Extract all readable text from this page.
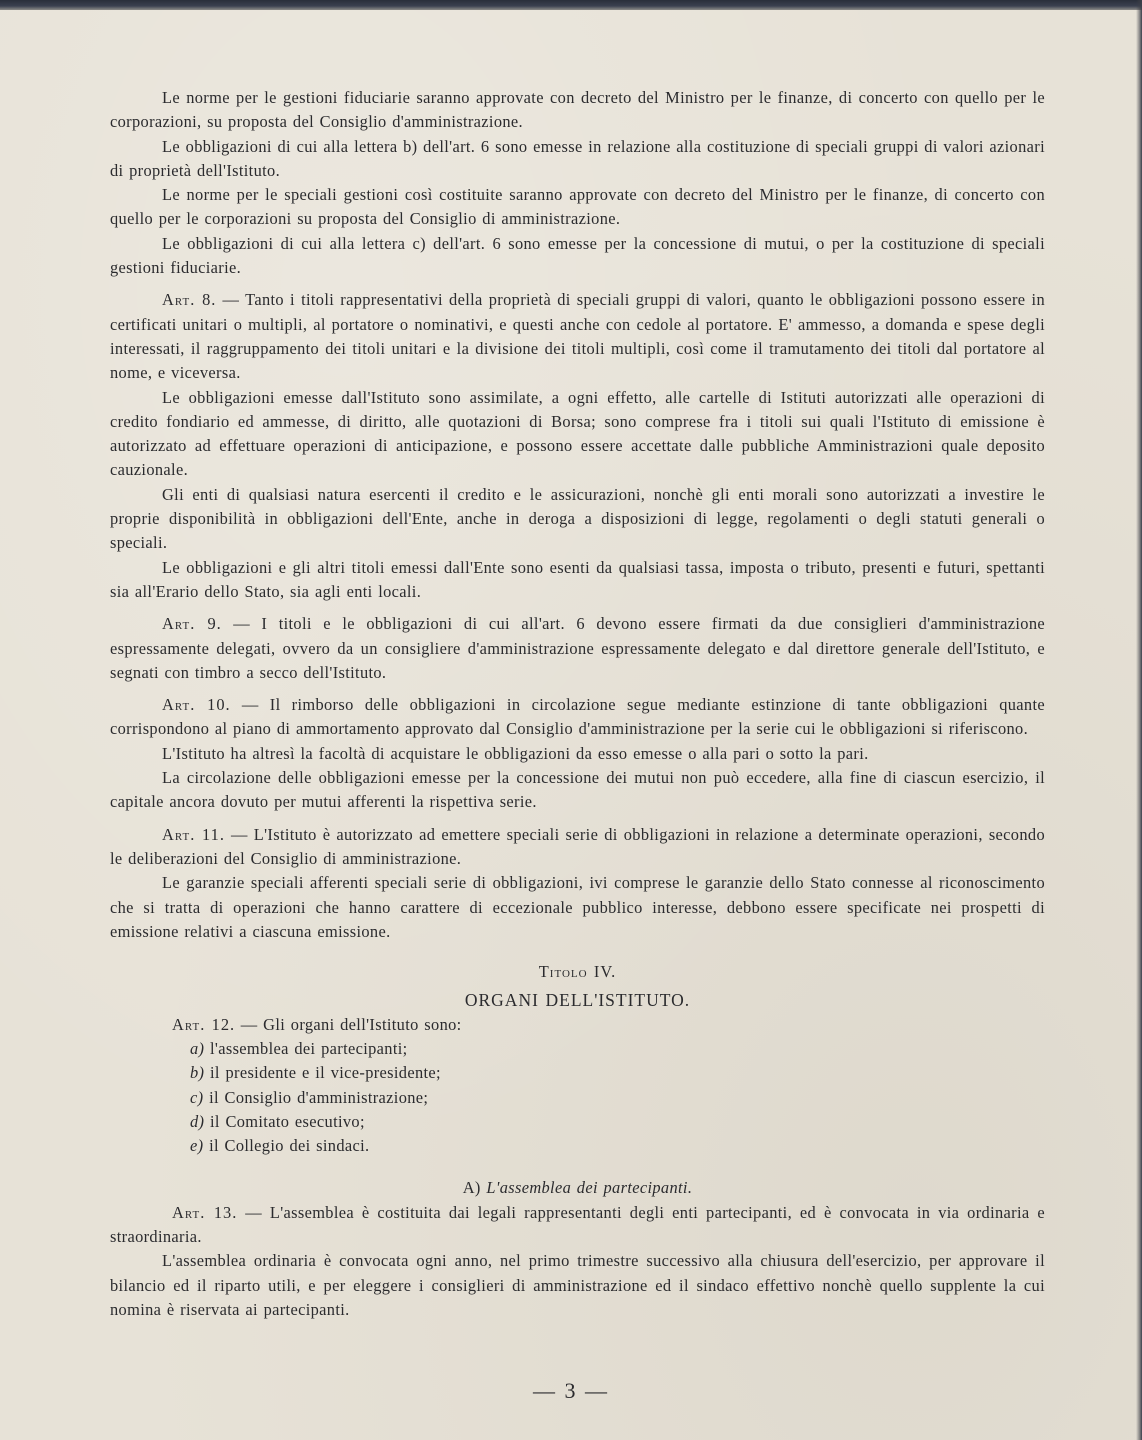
Le norme per le gestioni fiduciarie saranno approvate con decreto del Ministro per le finanze, di concerto con quello per le corporazioni, su proposta del Consiglio d'amministrazione.

Le obbligazioni di cui alla lettera b) dell'art. 6 sono emesse in relazione alla costituzione di speciali gruppi di valori azionari di proprietà dell'Istituto.

Le norme per le speciali gestioni così costituite saranno approvate con decreto del Ministro per le finanze, di concerto con quello per le corporazioni su proposta del Consiglio di amministrazione.

Le obbligazioni di cui alla lettera c) dell'art. 6 sono emesse per la concessione di mutui, o per la costituzione di speciali gestioni fiduciarie.

Art. 8. — Tanto i titoli rappresentativi della proprietà di speciali gruppi di valori, quanto le obbligazioni possono essere in certificati unitari o multipli, al portatore o nominativi, e questi anche con cedole al portatore. E' ammesso, a domanda e spese degli interessati, il raggruppamento dei titoli unitari e la divisione dei titoli multipli, così come il tramutamento dei titoli dal portatore al nome, e viceversa.

Le obbligazioni emesse dall'Istituto sono assimilate, a ogni effetto, alle cartelle di Istituti autorizzati alle operazioni di credito fondiario ed ammesse, di diritto, alle quotazioni di Borsa; sono comprese fra i titoli sui quali l'Istituto di emissione è autorizzato ad effettuare operazioni di anticipazione, e possono essere accettate dalle pubbliche Amministrazioni quale deposito cauzionale.

Gli enti di qualsiasi natura esercenti il credito e le assicurazioni, nonchè gli enti morali sono autorizzati a investire le proprie disponibilità in obbligazioni dell'Ente, anche in deroga a disposizioni di legge, regolamenti o degli statuti generali o speciali.

Le obbligazioni e gli altri titoli emessi dall'Ente sono esenti da qualsiasi tassa, imposta o tributo, presenti e futuri, spettanti sia all'Erario dello Stato, sia agli enti locali.

Art. 9. — I titoli e le obbligazioni di cui all'art. 6 devono essere firmati da due consiglieri d'amministrazione espressamente delegati, ovvero da un consigliere d'amministrazione espressamente delegato e dal direttore generale dell'Istituto, e segnati con timbro a secco dell'Istituto.

Art. 10. — Il rimborso delle obbligazioni in circolazione segue mediante estinzione di tante obbligazioni quante corrispondono al piano di ammortamento approvato dal Consiglio d'amministrazione per la serie cui le obbligazioni si riferiscono.

L'Istituto ha altresì la facoltà di acquistare le obbligazioni da esso emesse o alla pari o sotto la pari.

La circolazione delle obbligazioni emesse per la concessione dei mutui non può eccedere, alla fine di ciascun esercizio, il capitale ancora dovuto per mutui afferenti la rispettiva serie.

Art. 11. — L'Istituto è autorizzato ad emettere speciali serie di obbligazioni in relazione a determinate operazioni, secondo le deliberazioni del Consiglio di amministrazione.

Le garanzie speciali afferenti speciali serie di obbligazioni, ivi comprese le garanzie dello Stato connesse al riconoscimento che si tratta di operazioni che hanno carattere di eccezionale pubblico interesse, debbono essere specificate nei prospetti di emissione relativi a ciascuna emissione.

Titolo IV.

ORGANI DELL'ISTITUTO.

Art. 12. — Gli organi dell'Istituto sono:

a) l'assemblea dei partecipanti;
b) il presidente e il vice-presidente;
c) il Consiglio d'amministrazione;
d) il Comitato esecutivo;
e) il Collegio dei sindaci.

A) L'assemblea dei partecipanti.

Art. 13. — L'assemblea è costituita dai legali rappresentanti degli enti partecipanti, ed è convocata in via ordinaria e straordinaria.

L'assemblea ordinaria è convocata ogni anno, nel primo trimestre successivo alla chiusura dell'esercizio, per approvare il bilancio ed il riparto utili, e per eleggere i consiglieri di amministrazione ed il sindaco effettivo nonchè quello supplente la cui nomina è riservata ai partecipanti.

— 3 —
